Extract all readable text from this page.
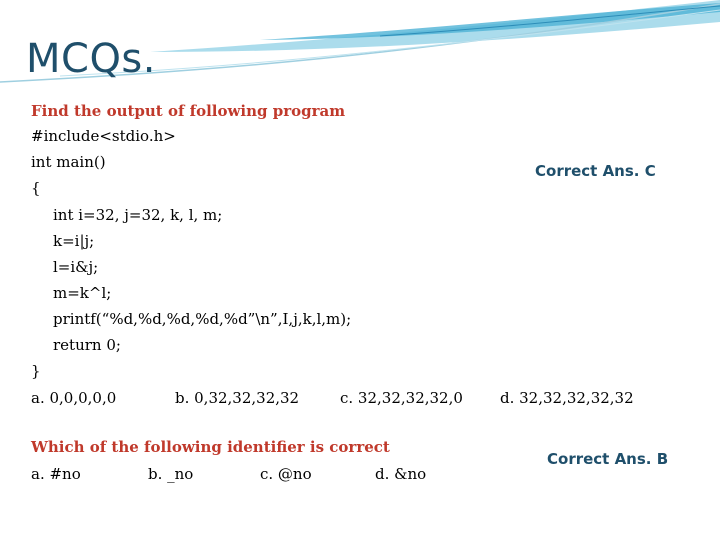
MCQs.
Find the output of following program
#include<stdio.h>
int main()
{
int i=32, j=32, k, l, m;
k=i|j;
l=i&j;
m=k^l;
printf(“%d,%d,%d,%d,%d”\n”,I,j,k,l,m);
return 0;
}
Correct Ans. C
a. 0,0,0,0,0	b. 0,32,32,32,32	c. 32,32,32,32,0 d. 32,32,32,32,32
Which of the following identifier is correct
a. #no	b. _no	c. @no	d. &no
Correct Ans. B
